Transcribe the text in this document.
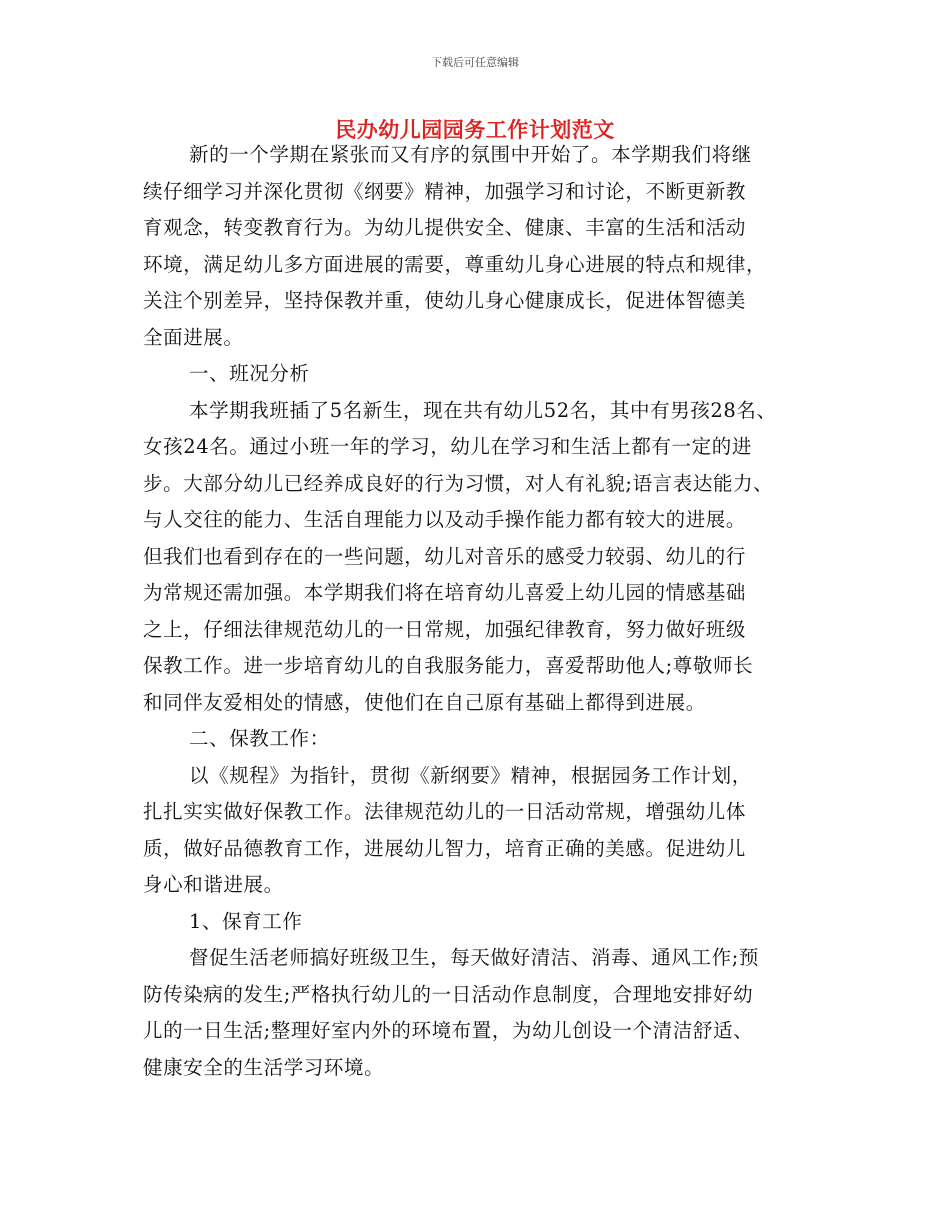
下载后可任意编辑
民办幼儿园园务工作计划范文
新的一个学期在紧张而又有序的氛围中开始了。本学期我们将继
续仔细学习并深化贯彻《纲要》精神，加强学习和讨论，不断更新教
育观念，转变教育行为。为幼儿提供安全、健康、丰富的生活和活动
环境，满足幼儿多方面进展的需要，尊重幼儿身心进展的特点和规律，
关注个别差异，坚持保教并重，使幼儿身心健康成长，促进体智德美
全面进展。
一、班况分析
本学期我班插了5名新生，现在共有幼儿52名，其中有男孩28名、
女孩24名。通过小班一年的学习，幼儿在学习和生活上都有一定的进
步。大部分幼儿已经养成良好的行为习惯，对人有礼貌;语言表达能力、
与人交往的能力、生活自理能力以及动手操作能力都有较大的进展。
但我们也看到存在的一些问题，幼儿对音乐的感受力较弱、幼儿的行
为常规还需加强。本学期我们将在培育幼儿喜爱上幼儿园的情感基础
之上，仔细法律规范幼儿的一日常规，加强纪律教育，努力做好班级
保教工作。进一步培育幼儿的自我服务能力，喜爱帮助他人;尊敬师长
和同伴友爱相处的情感，使他们在自己原有基础上都得到进展。
二、保教工作：
以《规程》为指针，贯彻《新纲要》精神，根据园务工作计划，
扎扎实实做好保教工作。法律规范幼儿的一日活动常规，增强幼儿体
质，做好品德教育工作，进展幼儿智力，培育正确的美感。促进幼儿
身心和谐进展。
1、保育工作
督促生活老师搞好班级卫生，每天做好清洁、消毒、通风工作;预
防传染病的发生;严格执行幼儿的一日活动作息制度，合理地安排好幼
儿的一日生活;整理好室内外的环境布置，为幼儿创设一个清洁舒适、
健康安全的生活学习环境。
